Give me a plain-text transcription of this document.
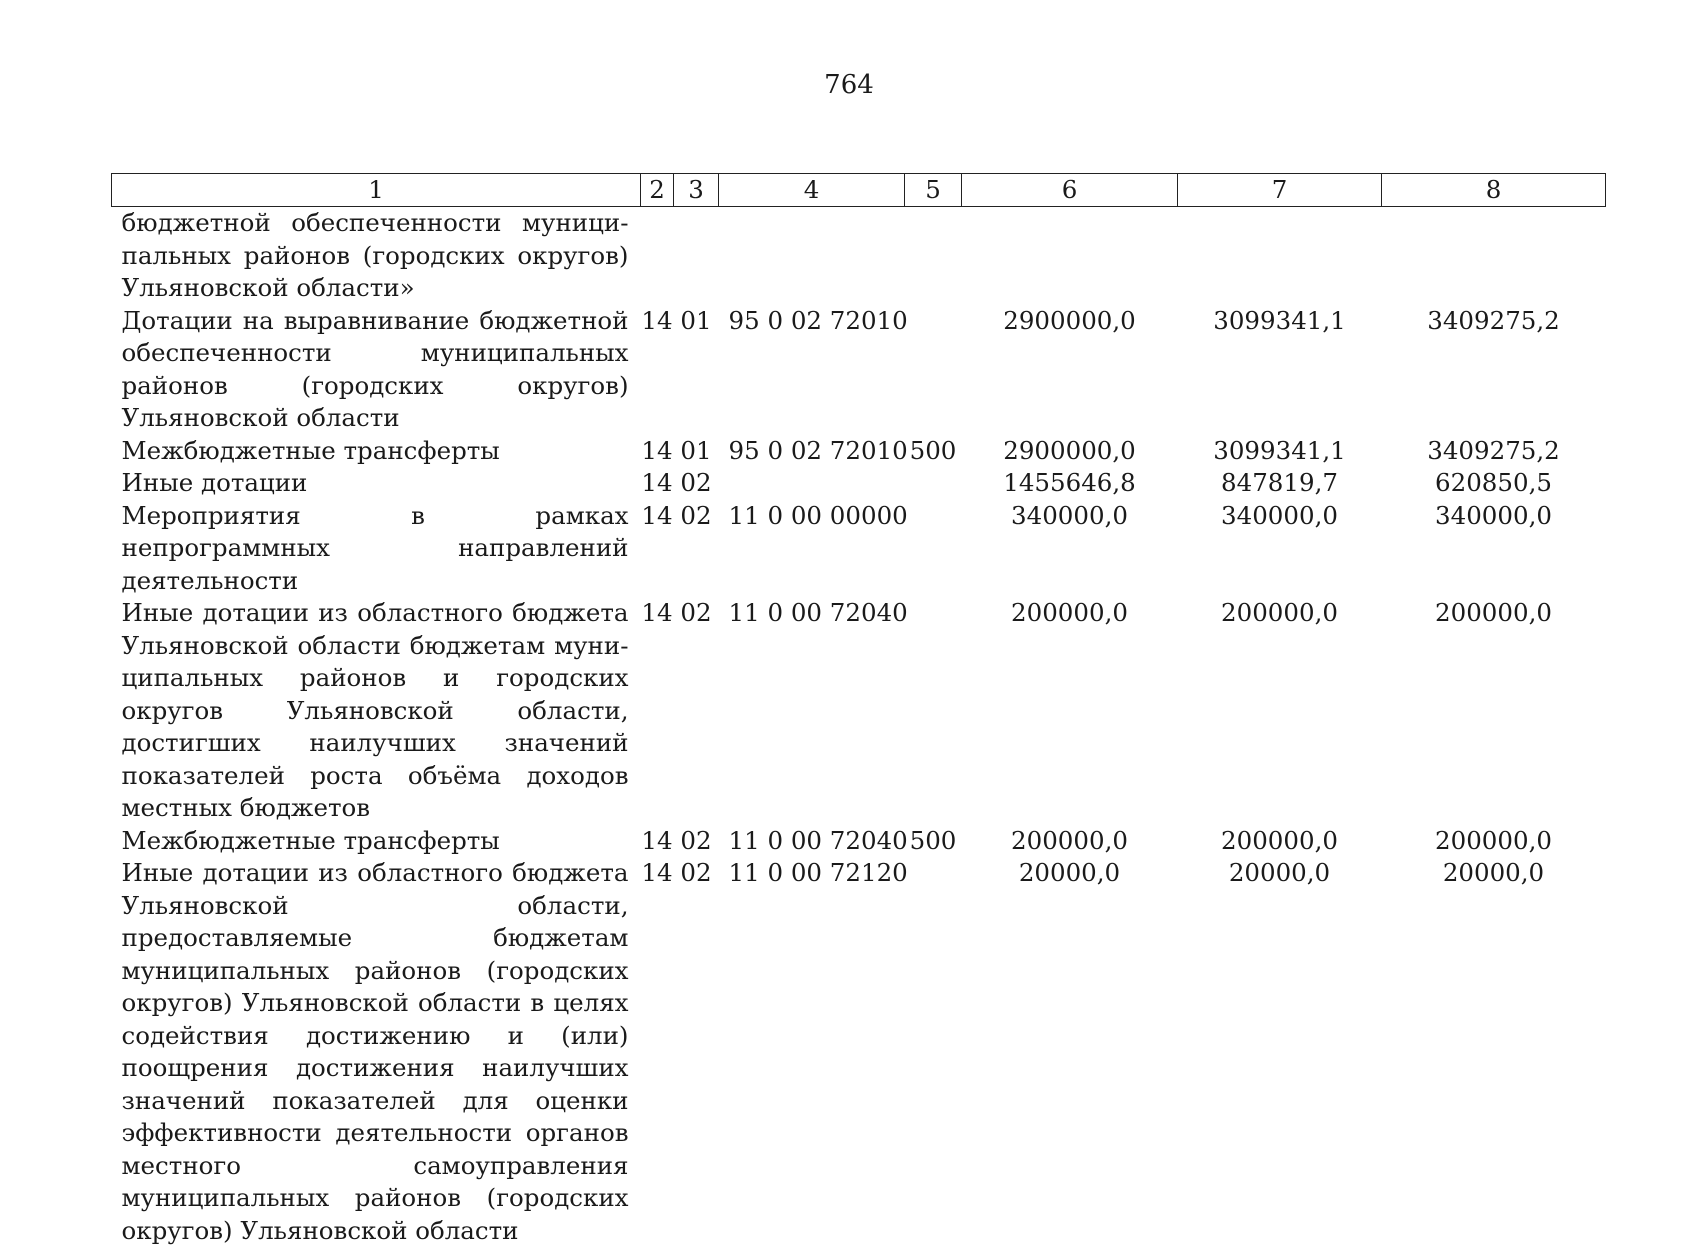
764
1	2	3	4	5	6	7	8
бюджетной обеспеченности муниципальных районов (городских округов) Ульяновской области»							
Дотации на выравнивание бюджетной обеспеченности муниципальных районов (городских округов) Ульяновской области	14	01	95 0 02 72010		2900000,0	3099341,1	3409275,2
Межбюджетные трансферты	14	01	95 0 02 72010	500	2900000,0	3099341,1	3409275,2
Иные дотации	14	02			1455646,8	847819,7	620850,5
Мероприятия в рамках непрограммных направлений деятельности	14	02	11 0 00 00000		340000,0	340000,0	340000,0
Иные дотации из областного бюджета Ульяновской области бюджетам муниципальных районов и городских округов Ульяновской области, достигших наилучших значений показателей роста объёма доходов местных бюджетов	14	02	11 0 00 72040		200000,0	200000,0	200000,0
Межбюджетные трансферты	14	02	11 0 00 72040	500	200000,0	200000,0	200000,0
Иные дотации из областного бюджета Ульяновской области, предоставляемые бюджетам муниципальных районов (городских округов) Ульяновской области в целях содействия достижению и (или) поощрения достижения наилучших значений показателей для оценки эффективности деятельности органов местного самоуправления муниципальных районов (городских округов) Ульяновской области	14	02	11 0 00 72120		20000,0	20000,0	20000,0
